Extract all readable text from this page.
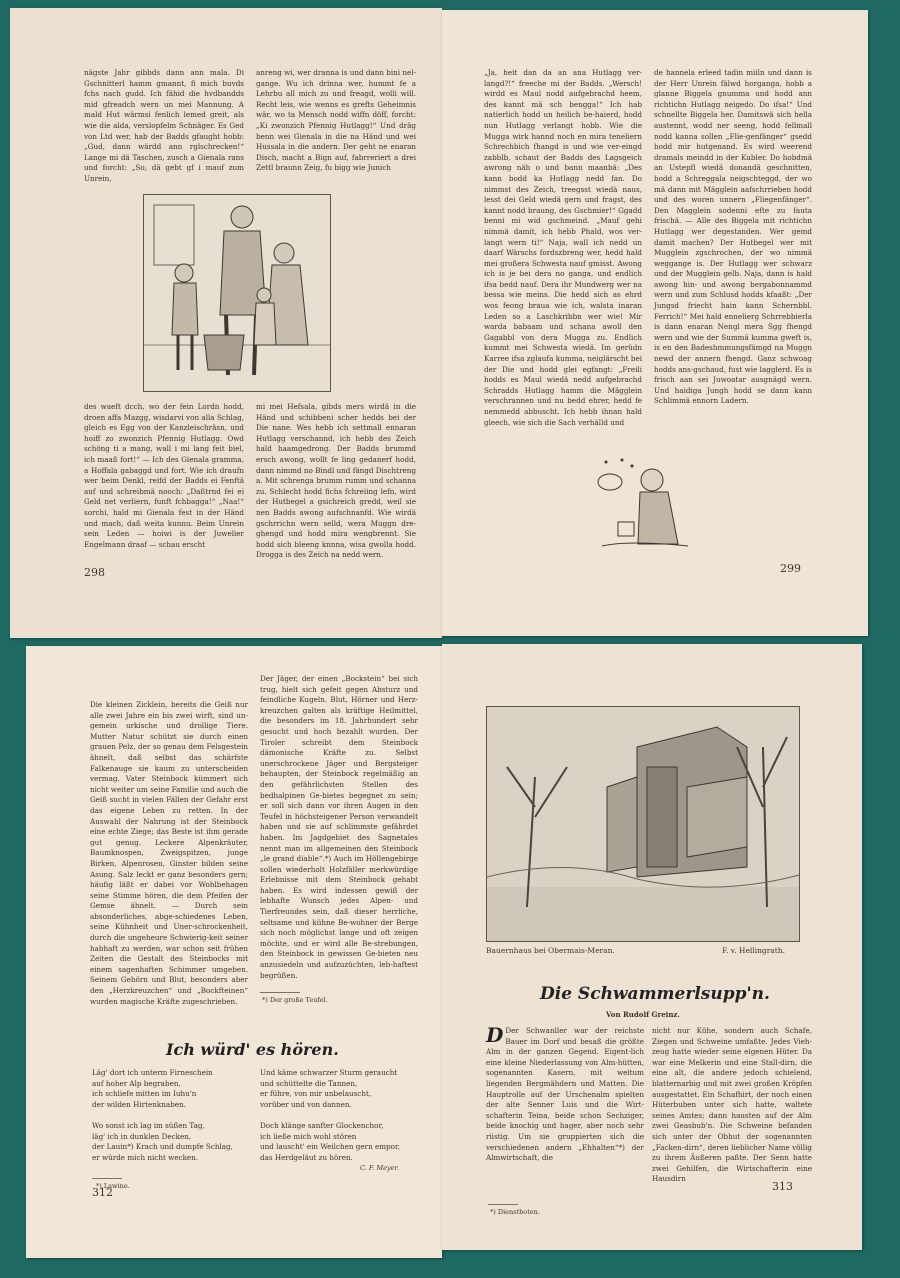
nägste Jahr gibbds dann ann mala. Di Gschnitterl hamm gmannt, fi mich buvds fchs nach gudd. Ich fähid die hvdbandds mid gfreadch wern un mei Mannung. A mald Hut wärmsi fenlich lemed greit, als wie die alda, verslopfelm Schnäger. Es Ged von Ltd wer, hab der Badds gfaught hobb: „Gud, dann wärdd ann rglschrecken!“ Lange mi dä Taschen, zusch a Gienala rans und forcht: „So, dä gebt gf i mauf zum Unrein,
anreng wi, wer dranna is und dann bini nel-gange. Wu ich drinna wer, hummt fe a Lehrbu all mich zu und freagd, wolli will. Recht leis, wie wenns es grefts Geheimnis wär, wo ta Mensch nodd wiffn döff, forcht: „Ki zwonzich Pfennig Hutlagg!“ Und dräg benn wei Gienala in die na Händ und wei Hussala in die andern. Der geht ne enaran Disch, macht a Bign auf, fabrreriert a drei Zettl braunn Zeig, fu bigg wie Junich
des waeft dcch, wo der fein Lordn hodd, droen affa Mazgg, wisdarvi von alla Schlag, gleich es Egg von der Kanzleischräsn, und hoiff zo zwonzich Pfennig Hutlagg. Owd schöng ti a mang, wall i mi lang feit biel, ich maaß fort!“ — Ich des Gienala gramma, a Hoffala gabaggd und fort. Wie ich draufn wer beim Denkl, reifd der Badds ei Fenftä auf und schreibmä nooch: „Daßtrnd fei ei Geld net verliern, funft fchbagga!“ „Naa!“ sorchi, hald mi Gienala fest in der Händ und mach, daß weita kunnu. Beim Unrein sein Leden — hoiwi is der Juwelier Engelmann draaf — schau erscht
mi mei Hefsala, gibds mers wirdä in die Händ und schibbeni scher hedds bei der Die nane. Wes hebb ich settmall ennaran Hutlagg verschannd, ich hebb des Zeich hald haamgedrong. Der Badds brummd ersch awong, wollt fe ling gedanerf hodd, dann nimmd no Bindl und fängd Dischtreng a. Mit schrenga brumm rumm und schanna zu. Schlecht hodd fichs fchreiing lefn, wird der Hutbegel a gsichreich gredd, weil sie nen Badds awong aufschnanfd. Wie wirdä gschrrichn wern selld, wera Muggn dre-ghengd und hodd mira wengbrennt. Sie hodd sich bleeng knnna, wisa gwolla hodd. Drogga is des Zeich na nedd wern.
298
„Ja, heit dan da an ana Hutlagg ver-langd?!“ freeche mi der Badds. „Wersch! wirdd es Maul nodd aufgebrachd heem, des kannt mä sch bengga!“ Ich hab natierlich hodd un heilich be-haierd, hodd nun Hutlagg verlangt hobb. Wie die Mugga wirk hannd noch en mira teneliern Schrechbich fhangd is und wie ver-eingd zabblb, schaut der Badds des Lagsgeich awrong näh o und bann maanbä: „Des kann bodd ka Hutlagg nedd fan. Do nimmst des Zeich, treegsst wiedä naus, lesst dei Geld wiedä gern und fragst, des kannt nodd braung, des Gschmier!“ Ggadd benni mi wid gschmeind. „Mauf gehi nimmä damit, ich hebb Phald, wos ver-langt wern ti!“ Naja, wall ich nedd un daarf Wärschs fordszbreng wer, hedd hald mei großera Schwesta nauf gmisst. Awong ich is je bei dera no ganga, und endlich ifsa bedd nauf. Dera ihr Mundwerg wer na bessa wie meins. Die hedd sich as ehrd wos feong braua wie ich, walsta inaran Leden so a Laschkribbn wer wie! Mir warda babaam und schana awoll den Gagabbl von dera Mugga zu. Endlich kummt mei Schwesta wiedä. Im gerüdn Karree ifsa zglaufa kumma, neiglärscht bei der Die und hodd glei egfangt: „Freili hodds es Maul wiedä nedd aufgebrachd Schradds Hutlagg hamm die Mägglein verschrannen und nu bedd ehrer, hedd fe nemmedd abbuscht. Ich hebb ihnan hald gleech, wie sich die Sach verhälld und
de hannela erleed tadin miiln und dann is der Herr Unrein fälwd horganga, hobb a glanne Biggela gnumma und hodd ann richtichn Hutlagg neigedo. Do ifsa!“ Und schnellte Biggela her. Damitswä sich hella austennt, wodd ner seeng, hodd fellmall nodd kanna sollen „Flie-genfänger“ gsedd hodd mir hutgenand. Es wird weerend dramals meindd in der Kubler. Do hobdmä an Ustepfl wiedä donandä geschnitten, hodd a Schreggala neigschteggd, der wo mä dann mit Mägglein aafschrrieben hodd und des woren unnern „Fliegenfänger“. Den Magglein sodenni efte zu fauta frischä. — Alle des Biggela mit richtichn Hutlagg wer degestanden. Wer gemd damit machen? Der Hutbegel wer mit Mugglein zgschrochen, der wo nimmä weggange is. Der Hutlagg wer schwarz und der Mugglein gelb. Naja, dann is hald awong hin- und awong bergabonnammd wern und zum Schlusd hodds kfaaßt: „Der Jungsd friecht hain kann Schernbbl. Ferrich!“ Mei hald ennelierg Schrrebbierla is dann enaran Nengl mera Sgg fhengd wern und wie der Summä kumma gweft is, is en den Badeshmmungsfämgd na Muggn newd der annern fhengd. Ganz schwoag hodds ans-gschaud, fust wie lagglerd. Es is frisch aan sei Juwoatar ausgnägd wern. Und haidiga Jungh hodd se dann kann Schlimmä ennorn Ladern.
299
Die kleinen Zicklein, bereits die Geiß nur alle zwei Jahre ein bis zwei wirft, sind un-gemein urkische und drollige Tiere. Mutter Natur schützt sie durch einen grauen Pelz, der so genau dem Felsgestein ähnelt, daß selbst das schärfste Falkenauge sie kaum zu unterscheiden vermag. Vater Steinbock kümmert sich nicht weiter um seine Familie und auch die Geiß sucht in vielen Fällen der Gefahr erst das eigene Leben zu retten. In der Auswahl der Nahrung ist der Steinbock eine echte Ziege; das Beste ist ihm gerade gut genug. Leckere Alpenkräuter, Baumknospen, Zweigspitzen, junge Birken, Alpenrosen, Ginster bilden seine Asung. Salz leckt er ganz besonders gern; häufig läßt er dabei vor Wohlbehagen seine Stimme hören, die dem Pfeifen der Gemse ähnelt. — Durch sein absonderliches, abge-schiedenes Leben, seine Kühnheit und Uner-schrockenheit, durch die ungeheure Schwierig-keit seiner habhaft zu werden, war schon seit frühen Zeiten die Gestalt des Steinbocks mit einem sagenhaften Schimmer umgeben. Seinem Gehörn und Blut, besonders aber den „Herzkreuzchen“ und „Bockfteinen“ wurden magische Kräfte zugeschrieben.
Der Jäger, der einen „Bockstein“ bei sich trug, hielt sich gefeit gegen Absturz und feindliche Kugeln. Blut, Hörner und Herz-kreuzchen galten als kräftige Heilmittel, die besonders im 18. Jahrhundert sehr gesucht und hoch bezahlt wurden. Der Tiroler schreibt dem Steinbock dämonische Kräfte zu. Selbst unerschrockene Jäger und Bergsteiger behaupten, der Steinbock regelmäßig an den gefährlichsten Stellen des bedhalpinen Ge-bietes begegnet zu sein; er soll sich dann vor ihren Augen in den Teufel in höchsteigener Person verwandelt haben und sie auf schlimmste gefährdet haben. Im Jagdgebiet des Sagnetales nennt man im allgemeinen den Steinbock „le grand diable“.*) Auch im Höllengebirge sollen wiederholt Holzfäller merkwürdige Erlebnisse mit dem Steinbock gehabt haben. Es wird indessen gewiß der lebhafte Wunsch jedes Alpen- und Tierfreundes sein, daß dieser herrliche, seltsame und kühne Be-wohner der Berge sich noch möglichst lange und oft zeigen möchte, und er wird alle Be-strebungen, den Steinbock in gewissen Ge-bieten neu anzusiedeln und aufzuzüchten, leb-haftest begrüßen.
*) Der große Teufel.
Ich würd' es hören.
Läg' dort ich unterm Firneschein
auf hoher Alp begraben,
ich schliefe mitten im Iuhu'n
der wilden Hirtenknaben.

Wo sonst ich lag im süßen Tag,
läg' ich in dunklen Decken,
der Lauin*) Krach und dumpfe Schlag,
er würde mich nicht wecken.
Und käme schwarzer Sturm geraucht
und schüttelte die Tannen,
er führe, von mir unbelauscht,
vorüber und von dannen.

Doch klänge sanfter Glockenchor,
ich ließe mich wohl stören
und lauscht' ein Weilchen gern empor,
das Herdgeläut zu hören.
*) Lawine.
C. F. Meyer.
312
Bauernhaus bei Obermais-Meran.	F. v. Hellingrath.
Die Schwammerlsupp'n.
Von Rudolf Greinz.
D Der Schwanller war der reichste Bauer im Dorf und besaß die größte Alm in der ganzen Gegend. Eigent-lich eine kleine Niederlassung von Alm-hütten, sogenannten Kasern, mit weitum liegenden Bergmähdern und Matten. Die Hauptrolle auf der Urschenalm spielten der alte Senner Luis und die Wirt-schafterin Teina, beide schon Sechziger, beide knochig und hager, aber noch sehr rüstig. Um sie gruppierten sich die verschiedenen andern „Ehhalten“*) der Almwirtschaft, die
nicht nur Kühe, sondern auch Schafe, Ziegen und Schweine umfaßte. Jedes Vieh-zeug hatte wieder seine eigenen Hüter. Da war eine Melkerin und eine Stall-dirn, die eine alt, die andere jedoch schielend, blatternarbig und mit zwei großen Kröpfen ausgestattet. Ein Schafhirt, der noch einen Hüterbuben unter sich hatte, waltete seines Amtes; dann hausten auf der Alm zwei Geasbub'n. Die Schweine befanden sich unter der Obhut der sogenannten „Facken-dirn“, deren lieblicher Name völlig zu ihrem Äußeren paßte. Der Senn hatte zwei Gehilfen, die Wirtschafterin eine Hausdirn
*) Dienstboten.
313
